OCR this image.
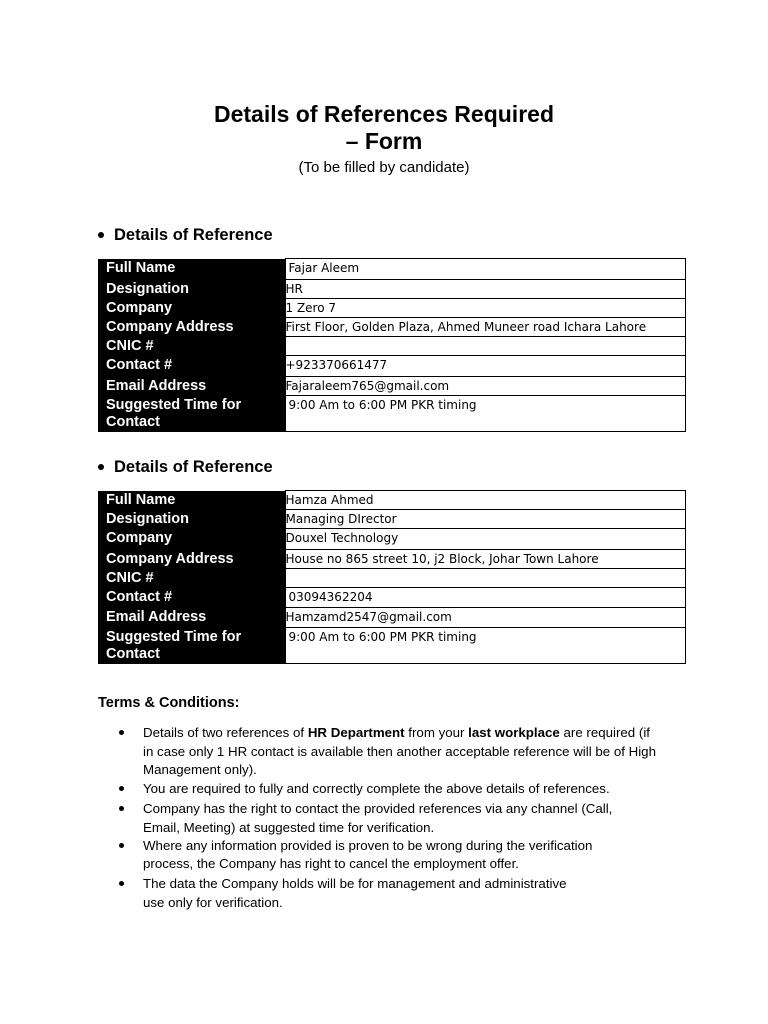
Details of References Required
– Form
(To be filled by candidate)
Details of Reference
Full Name	Fajar Aleem
Designation	HR
Company	1 Zero 7
Company Address	First Floor, Golden Plaza, Ahmed Muneer road Ichara Lahore
CNIC #	
Contact #	+923370661477
Email Address	Fajaraleem765@gmail.com
Suggested Time for Contact	9:00 Am to 6:00 PM PKR timing
Details of Reference
Full Name	Hamza Ahmed
Designation	Managing DIrector
Company	Douxel Technology
Company Address	House no 865 street 10, j2 Block, Johar Town Lahore
CNIC #	
Contact #	03094362204
Email Address	Hamzamd2547@gmail.com
Suggested Time for Contact	9:00 Am to 6:00 PM PKR timing
Terms & Conditions:
Details of two references of HR Department from your last workplace are required (if in case only 1 HR contact is available then another acceptable reference will be of High Management only).
You are required to fully and correctly complete the above details of references.
Company has the right to contact the provided references via any channel (Call, Email, Meeting) at suggested time for verification.
Where any information provided is proven to be wrong during the verification process, the Company has right to cancel the employment offer.
The data the Company holds will be for management and administrative use only for verification.
